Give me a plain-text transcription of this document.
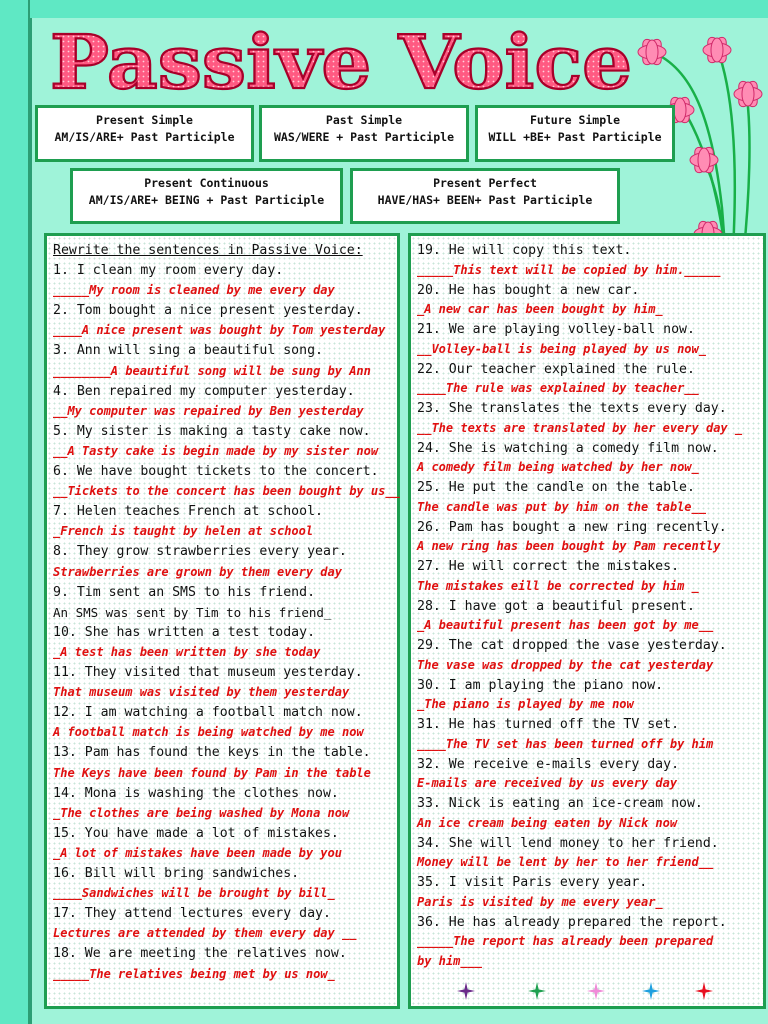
Passive Voice
Present Simple
AM/IS/ARE+ Past Participle
Past Simple
WAS/WERE + Past Participle
Future Simple
WILL +BE+ Past Participle
Present Continuous
AM/IS/ARE+ BEING + Past Participle
Present Perfect
HAVE/HAS+ BEEN+ Past Participle
Rewrite the sentences in Passive Voice:
1. I clean my room every day.
_____My room is cleaned by me every day
2. Tom bought a nice present yesterday.
____A nice present was bought by Tom yesterday
3. Ann will sing a beautiful song.
________A beautiful song will be sung by Ann
4. Ben repaired my computer yesterday.
__My computer was repaired by Ben yesterday
5. My sister is making a tasty cake now.
__A Tasty cake is begin made by my sister now
6. We have bought tickets to the concert.
__Tickets to the concert has been bought by us__
7. Helen teaches French at school.
_French is taught by helen at school
8. They grow strawberries every year.
Strawberries are grown by them every day
9. Tim sent an SMS to his friend.
An SMS was sent by Tim to his friend_
10. She has written a test today.
_A test has been written by she today
11. They visited that museum yesterday.
That museum was visited by them yesterday
12. I am watching a football match now.
A football match is being watched by me now
13. Pam has found the keys in the table.
The Keys have been found by Pam in the table
14. Mona is washing the clothes now.
_The clothes are being washed by Mona now
15. You have made a lot of mistakes.
_A lot of mistakes have been made by you
16. Bill will bring sandwiches.
____Sandwiches will be brought by bill_
17. They attend lectures every day.
Lectures are attended by them every day __
18. We are meeting the relatives now.
_____The relatives being met by us now_
19. He will copy this text.
_____This text will be copied by him._____
20. He has bought a new car.
_A new car has been bought by him_
21. We are playing volley-ball now.
__Volley-ball is being played by us now_
22. Our teacher explained the rule.
____The rule was explained by teacher__
23. She translates the texts every day.
__The texts are translated by her every day _
24. She is watching a comedy film now.
A comedy film being watched by her now_
25. He put the candle on the table.
The candle was put by him on the table__
26. Pam has bought a new ring recently.
A new ring has been bought by Pam recently
27. He will correct the mistakes.
The mistakes eill be corrected by him _
28. I have got a beautiful present.
_A beautiful present has been got by me__
29. The cat dropped the vase yesterday.
The vase was dropped by the cat yesterday
30. I am playing the piano now.
_The piano is played by me now
31. He has turned off the TV set.
____The TV set has been turned off by him
32. We receive e-mails every day.
E-mails are received by us every day
33. Nick is eating an ice-cream now.
An ice cream being eaten by Nick now
34. She will lend money to her friend.
Money will be lent by her to her friend__
35. I visit Paris every year.
Paris is visited by me every year_
36. He has already prepared the report.
_____The report has already been prepared
by him___
